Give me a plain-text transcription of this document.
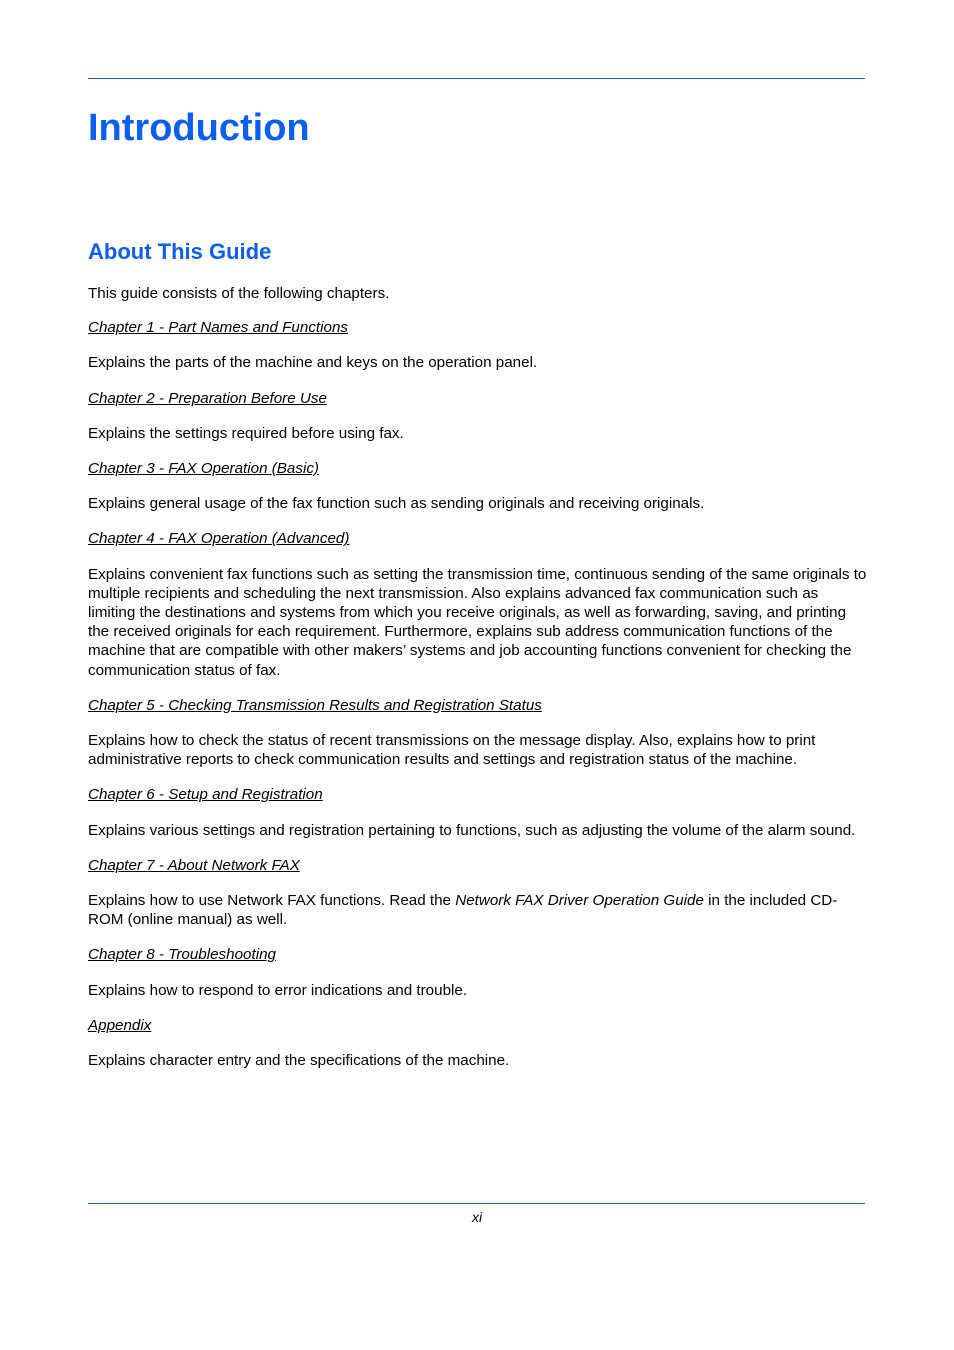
Introduction
About This Guide

This guide consists of the following chapters.

Chapter 1 - Part Names and Functions

Explains the parts of the machine and keys on the operation panel.

Chapter 2 - Preparation Before Use

Explains the settings required before using fax.

Chapter 3 - FAX Operation (Basic)

Explains general usage of the fax function such as sending originals and receiving originals.

Chapter 4 - FAX Operation (Advanced)

Explains convenient fax functions such as setting the transmission time, continuous sending of the same originals to multiple recipients and scheduling the next transmission. Also explains advanced fax communication such as limiting the destinations and systems from which you receive originals, as well as forwarding, saving, and printing the received originals for each requirement. Furthermore, explains sub address communication functions of the machine that are compatible with other makers’ systems and job accounting functions convenient for checking the communication status of fax.

Chapter 5 - Checking Transmission Results and Registration Status

Explains how to check the status of recent transmissions on the message display. Also, explains how to print administrative reports to check communication results and settings and registration status of the machine.

Chapter 6 - Setup and Registration

Explains various settings and registration pertaining to functions, such as adjusting the volume of the alarm sound.

Chapter 7 - About Network FAX

Explains how to use Network FAX functions. Read the Network FAX Driver Operation Guide in the included CD-ROM (online manual) as well.

Chapter 8 - Troubleshooting

Explains how to respond to error indications and trouble.

Appendix

Explains character entry and the specifications of the machine.

xi
